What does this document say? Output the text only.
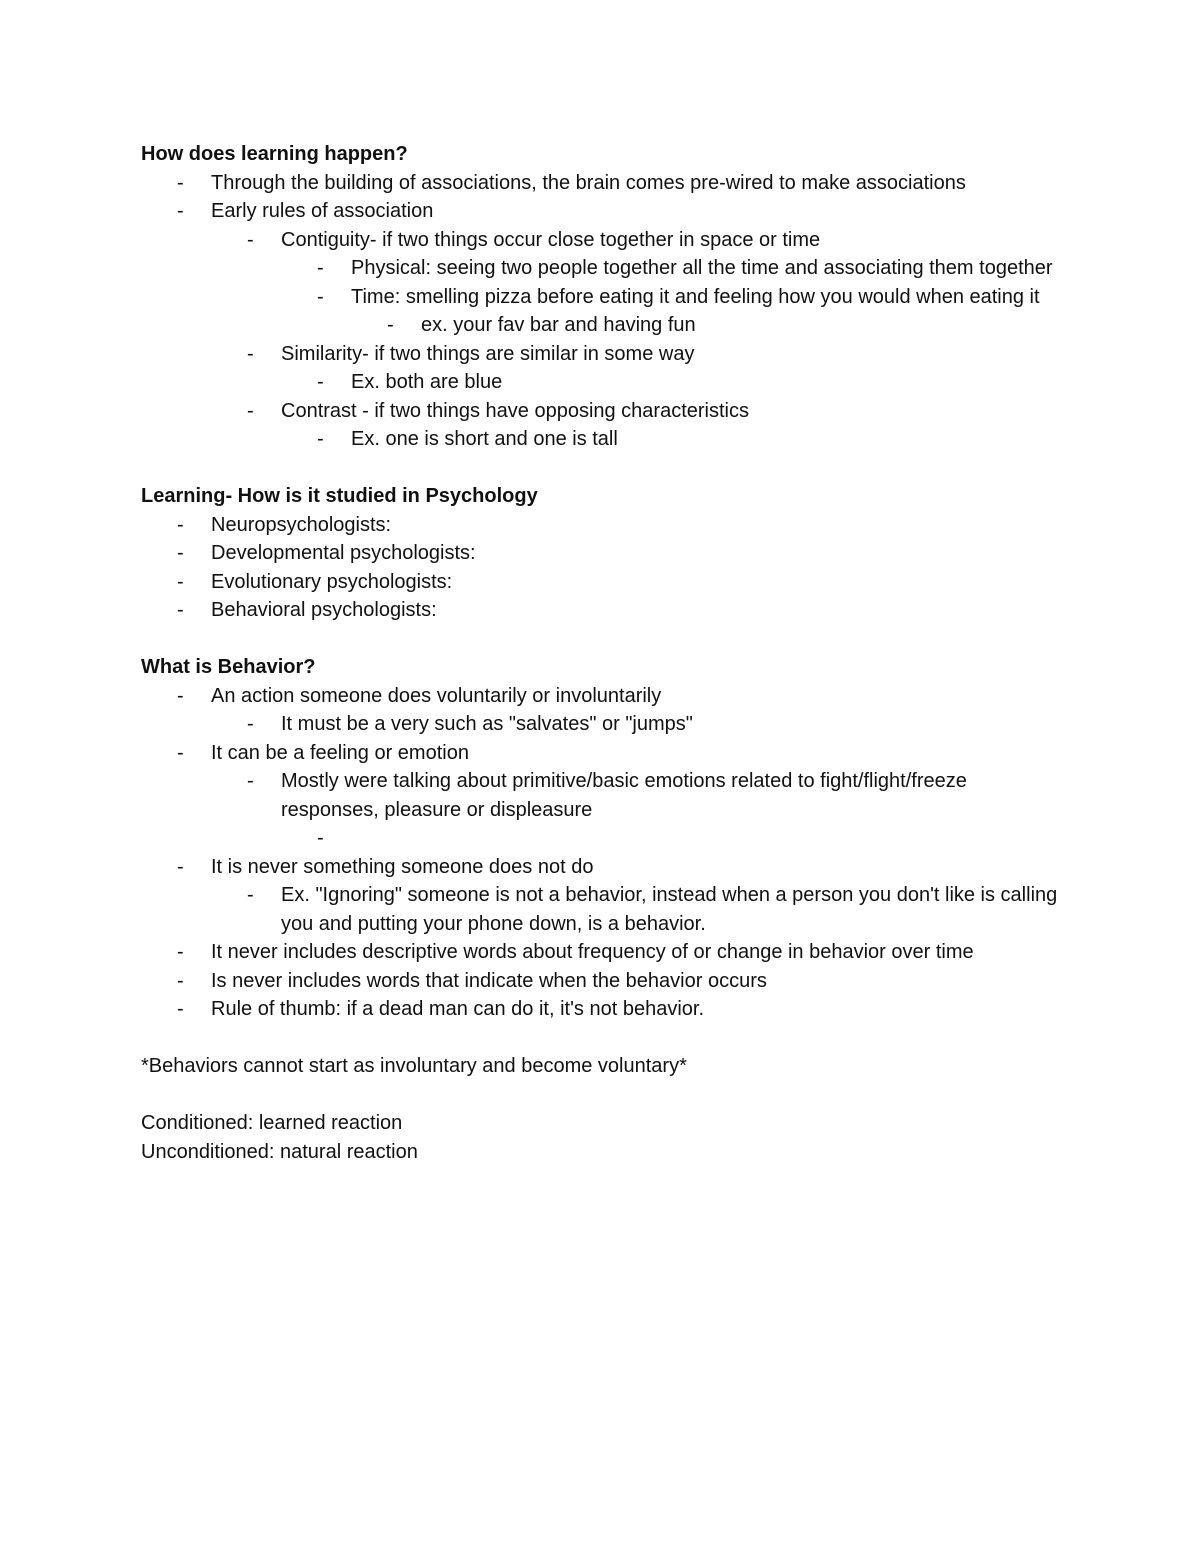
How does learning happen?

- Through the building of associations, the brain comes pre-wired to make associations
- Early rules of association
- Contiguity- if two things occur close together in space or time
- Physical: seeing two people together all the time and associating them together
- Time: smelling pizza before eating it and feeling how you would when eating it
- ex. your fav bar and having fun
- Similarity- if two things are similar in some way
- Ex. both are blue
- Contrast - if two things have opposing characteristics
- Ex. one is short and one is tall

Learning- How is it studied in Psychology

- Neuropsychologists:
- Developmental psychologists:
- Evolutionary psychologists:
- Behavioral psychologists:

What is Behavior?

- An action someone does voluntarily or involuntarily
- It must be a very such as "salvates" or "jumps"
- It can be a feeling or emotion
- Mostly were talking about primitive/basic emotions related to fight/flight/freeze responses, pleasure or displeasure
-
- It is never something someone does not do
- Ex. "Ignoring" someone is not a behavior, instead when a person you don't like is calling you and putting your phone down, is a behavior.
- It never includes descriptive words about frequency of or change in behavior over time
- Is never includes words that indicate when the behavior occurs
- Rule of thumb: if a dead man can do it, it's not behavior.

*Behaviors cannot start as involuntary and become voluntary*

Conditioned: learned reaction

Unconditioned: natural reaction
